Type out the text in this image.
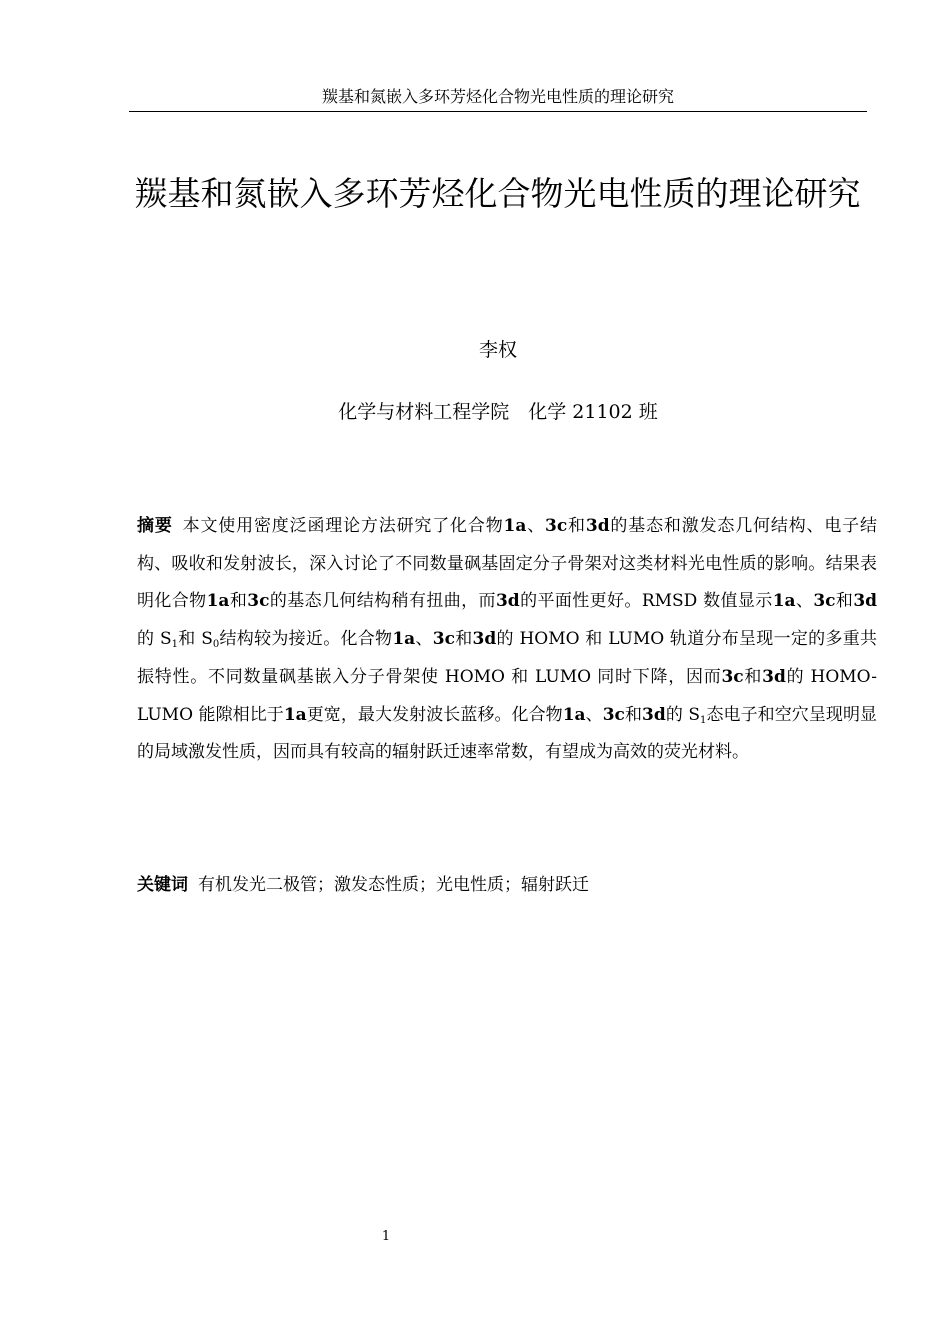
羰基和氮嵌入多环芳烃化合物光电性质的理论研究
羰基和氮嵌入多环芳烃化合物光电性质的理论研究
李权
化学与材料工程学院　化学 21102 班
摘要 本文使用密度泛函理论方法研究了化合物1a、3c和3d的基态和激发态几何结构、电子结构、吸收和发射波长，深入讨论了不同数量砜基固定分子骨架对这类材料光电性质的影响。结果表明化合物1a和3c的基态几何结构稍有扭曲，而3d的平面性更好。RMSD 数值显示1a、3c和3d的 $S_1$和 $S_0$结构较为接近。化合物1a、3c和3d的 HOMO 和 LUMO 轨道分布呈现一定的多重共振特性。不同数量砜基嵌入分子骨架使 HOMO 和 LUMO 同时下降，因而3c和3d的 HOMO-LUMO 能隙相比于1a更宽，最大发射波长蓝移。化合物1a、3c和3d的 $S_1$态电子和空穴呈现明显的局域激发性质，因而具有较高的辐射跃迁速率常数，有望成为高效的荧光材料。
关键词 有机发光二极管；激发态性质；光电性质；辐射跃迁
1
